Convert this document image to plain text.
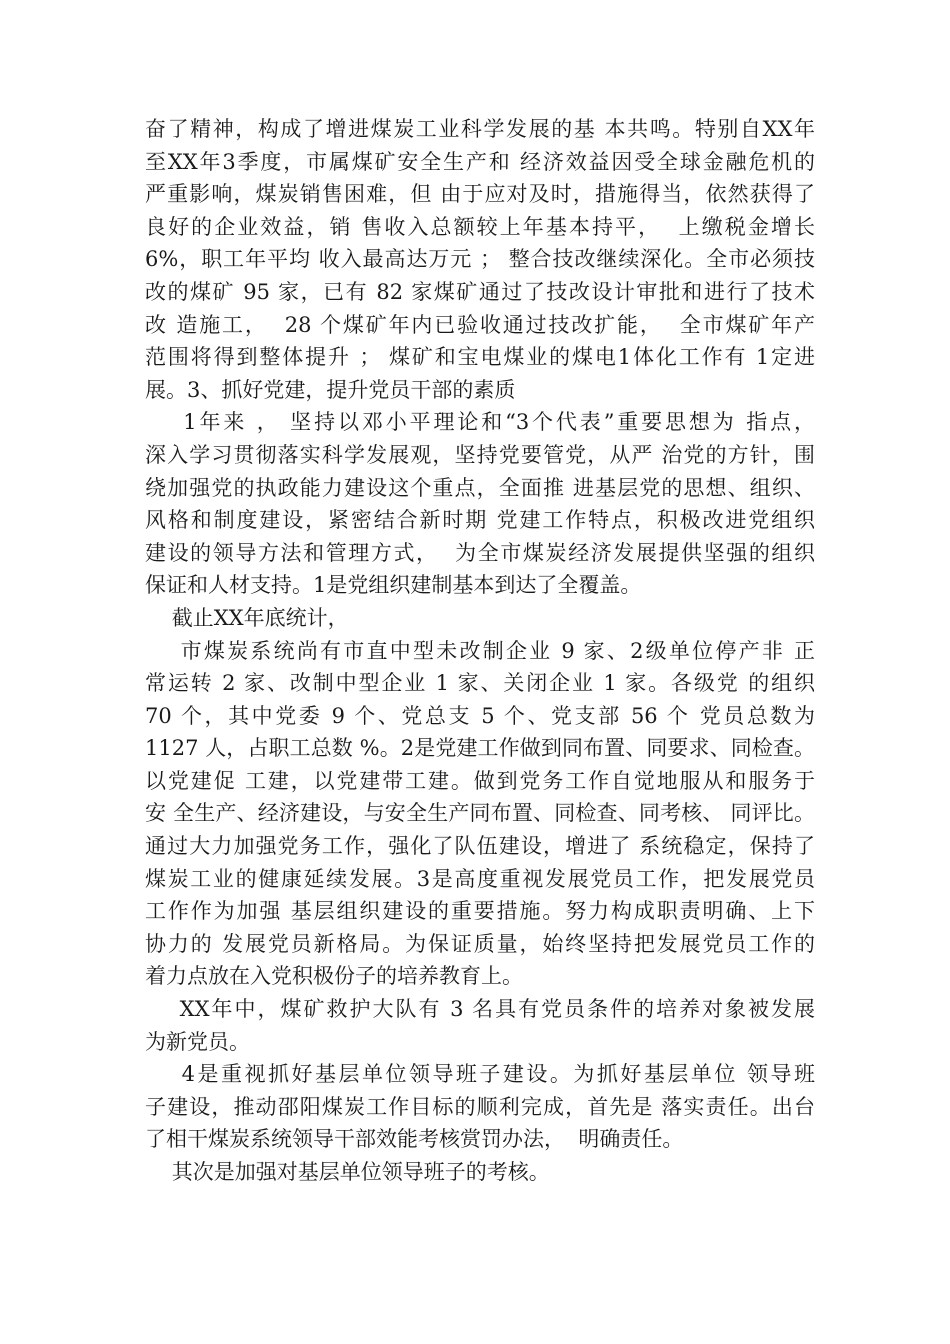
奋了精神，构成了增进煤炭工业科学发展的基 本共鸣。特别自XX年
至XX年3季度，市属煤矿安全生产和 经济效益因受全球金融危机的
严重影响，煤炭销售困难，但 由于应对及时，措施得当，依然获得了
良好的企业效益，销 售收入总额较上年基本持平，  上缴税金增长
6%，职工年平均 收入最高达万元 ； 整合技改继续深化。全市必须技
改的煤矿 95 家，已有 82 家煤矿通过了技改设计审批和进行了技术
改 造施工，  28 个煤矿年内已验收通过技改扩能，  全市煤矿年产
范围将得到整体提升 ； 煤矿和宝电煤业的煤电1体化工作有 1定进
展。3、抓好党建，提升党员干部的素质
1年来 ， 坚持以邓小平理论和“3个代表”重要思想为 指点，
深入学习贯彻落实科学发展观，坚持党要管党，从严 治党的方针，围
绕加强党的执政能力建设这个重点，全面推 进基层党的思想、组织、
风格和制度建设，紧密结合新时期 党建工作特点，积极改进党组织
建设的领导方法和管理方式，  为全市煤炭经济发展提供坚强的组织
保证和人材支持。1是党组织建制基本到达了全覆盖。
截止XX年底统计，
市煤炭系统尚有市直中型未改制企业 9 家、2级单位停产非 正
常运转 2 家、改制中型企业 1 家、关闭企业 1 家。各级党 的组织
70 个，其中党委 9 个、党总支 5 个、党支部 56 个 党员总数为
1127 人，占职工总数 %。2是党建工作做到同布置、同要求、同检查。
以党建促 工建，以党建带工建。做到党务工作自觉地服从和服务于
安 全生产、经济建设，与安全生产同布置、同检查、同考核、 同评比。
通过大力加强党务工作，强化了队伍建设，增进了 系统稳定，保持了
煤炭工业的健康延续发展。3是高度重视发展党员工作，把发展党员
工作作为加强 基层组织建设的重要措施。努力构成职责明确、上下
协力的 发展党员新格局。为保证质量，始终坚持把发展党员工作的
着力点放在入党积极份子的培养教育上。
XX年中，煤矿救护大队有 3 名具有党员条件的培养对象被发展
为新党员。
4是重视抓好基层单位领导班子建设。为抓好基层单位 领导班
子建设，推动邵阳煤炭工作目标的顺利完成，首先是 落实责任。出台
了相干煤炭系统领导干部效能考核赏罚办法，  明确责任。
其次是加强对基层单位领导班子的考核。
